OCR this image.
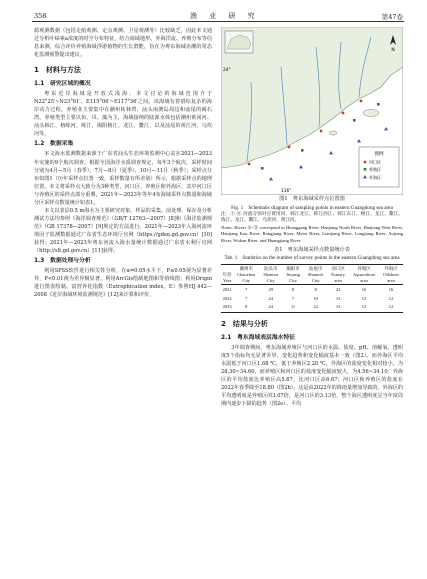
358	渔 业 研 究	第47卷

源观测数据（包括走航观测、定点观测、卫星观测等）比较缺乏，因此本文通过分析叶绿素a浓度的时空分布特征，结合海域地形、外海洋流、养殖分布等信息来测，综合评价养殖海域浮游植物的生长潜能，旨在为粤东海域赤潮的常态化监测预警提出建议。

1　材料与方法
1.1　研究区域的概况

粤东近岸海域是开放式浅海，本文讨论的海域范围介于N22°25′~N23°61′、E115°06′~E117°36′之间。该海域有着错综复杂的海岸动力过程，养殖业主要集中在潮州柘林湾、汕头南澳岛周边和汕尾的碣石湾，养殖类型主要以鱼、贝、藻为主，海域接纳的陆源水体包括潮州黄冈河、汕头韩江、榕练河、练江，揭阳榕江、龙江、鳌江，以及汕尾的黄江河、乌坎河等。

1.2　数据采集

本文海水监测数据来源于广东省汕头生态环境监测中心站在2021—2023年实施的9个航次调查。根据全国海洋水质调查规定，每年3个航次，采样时间分别为4月—5月（春季）、7月—8月（夏季）、10月—11月（秋季）；采样点分布如图1（历年采样点位置一致，采样数量有所差别）所示，根据采样点的地理位置，本文将采样点大致分为3种类型，河口区、养殖区和外海区，其中河口区与养殖区的采样点部分重叠，2021年—2023年等年4布海域采样点数量和海域分区采样点数量统计如表1。

本文以表层0.5 m海水为主要研究对象。样品的采集、前处理、保存及分析测试方法均参照《海洋调查规范》（GB/T 12763—2007）[8]和《海洋监测规范》（GB 17378—2007）[9]规定的方法进行。2021年—2023年入海河流环境因子监测数据通过广东省生态环境厅官网（https://gdee.gd.gov.cn）[10]获得；2021年—2023年粤东河流入海水量统计数据通过广东省水利厅官网（http://slt.gd.gov.cn）[11]获得。

1.3　数据处理与分析

利用SPSS软件进行相关性分析，在α=0.05水平下，P≤0.05视为显著差异，P<0.01视为差异极显著。利用ArcGis绘制地图和等值线图；利用Origin进行图表绘制。富营养化指数（Eutrophication index，E）参照HJ 442—2008《近岸海域环境监测规范》[12]来计算和评价。

图例
河口区
养殖区
外海区
N
24°
116°
图1　粤东海域采样点位置图
Fig. 1　Schematic diagram of sampling points in eastern Guangdong sea area

注：①-⑪ 河流分别对应黄冈河、韩江北江、韩江西江、韩江东江、榕江、龙江、鳌江、练江、龙江、鳌江、乌坎河、黄江河。

Notes: Rivers ①-⑪ correspond to Huanggang River, Hanjiang North River, Hanjiang West River, Hanjiang East River, Rongjiang River, Meixi River, Lianjiang River, Longjiang River, Aojiang River, Wukan River, and Huangjiang River.

表1　粤东海域采样点数量统计表
Tab. 1　Statistics on the number of survey points in the eastern Guangdong sea area
年份 Year	潮州市 Chaozhou City	汕头市 Shantou City	揭阳市 Jieyang City	汕尾市 Shanwei City	河口区 Estuary area	养殖区 Aquaculture area	外海区 Offshore area
2021	7	29	8	8	23	16	16
2022	7	24	7	19	13	12	12
2023	8	24	11	22	13	12	12
2　结果与分析
2.1　粤东海域表层海水特征

3年调查期间，粤东海域养殖区与河口区的水温、盐度、pH、溶解氧、透明度5个指标均无显著差异，变化趋势和变化幅度基本一致（图2）。而外海区平均水温低于河口区1.68 ℃，低于养殖区2.20 ℃。外海区的盐度变化相对较小，为28.30~34.60，而养殖区和河口区的盐度变化幅度较大，为4.56~34.10；外海区的平均盐度比养殖区高5.67，比河口区高6.67；河口区和养殖区的盐度在2022年春季降至18.80（图2b）。这是由2022年的降雨量增加导致的。外海区的平均透明度是养殖区的3.07倍，是河口区的3.13倍，整个海区透明度呈当年度周期内逐步下降的趋势（图2e）。平均
